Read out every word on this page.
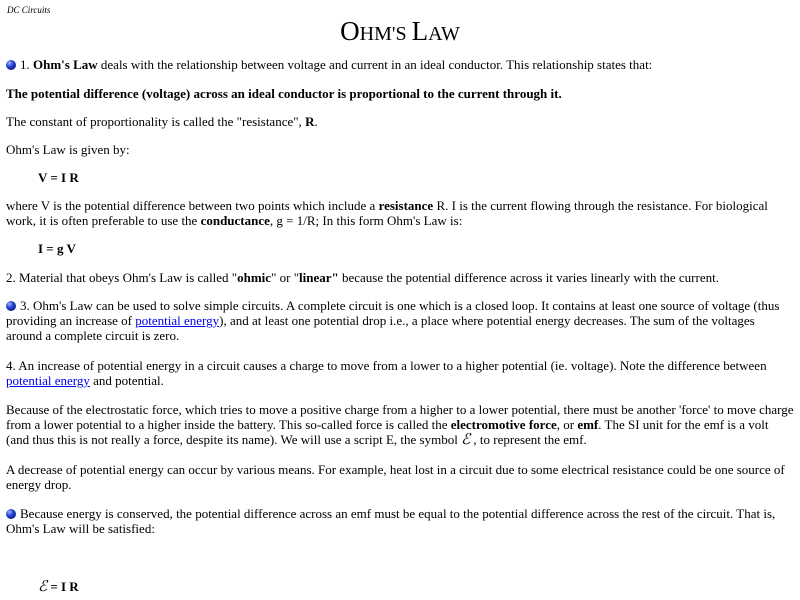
DC Circuits
OHM'S LAW

1. Ohm's Law deals with the relationship between voltage and current in an ideal conductor. This relationship states that:

The potential difference (voltage) across an ideal conductor is proportional to the current through it.

The constant of proportionality is called the "resistance", R.

Ohm's Law is given by:

V = I R

where V is the potential difference between two points which include a resistance R. I is the current flowing through the resistance. For biological work, it is often preferable to use the conductance, g = 1/R; In this form Ohm's Law is:

I = g V

2. Material that obeys Ohm's Law is called "ohmic" or "linear" because the potential difference across it varies linearly with the current.

3. Ohm's Law can be used to solve simple circuits. A complete circuit is one which is a closed loop. It contains at least one source of voltage (thus providing an increase of potential energy), and at least one potential drop i.e., a place where potential energy decreases. The sum of the voltages around a complete circuit is zero.

4. An increase of potential energy in a circuit causes a charge to move from a lower to a higher potential (ie. voltage). Note the difference between potential energy and potential.

Because of the electrostatic force, which tries to move a positive charge from a higher to a lower potential, there must be another 'force' to move charge from a lower potential to a higher inside the battery. This so-called force is called the electromotive force, or emf. The SI unit for the emf is a volt (and thus this is not really a force, despite its name). We will use a script E, the symbol ℰ , to represent the emf.

A decrease of potential energy can occur by various means. For example, heat lost in a circuit due to some electrical resistance could be one source of energy drop.

Because energy is conserved, the potential difference across an emf must be equal to the potential difference across the rest of the circuit. That is, Ohm's Law will be satisfied:

ℰ = I R
